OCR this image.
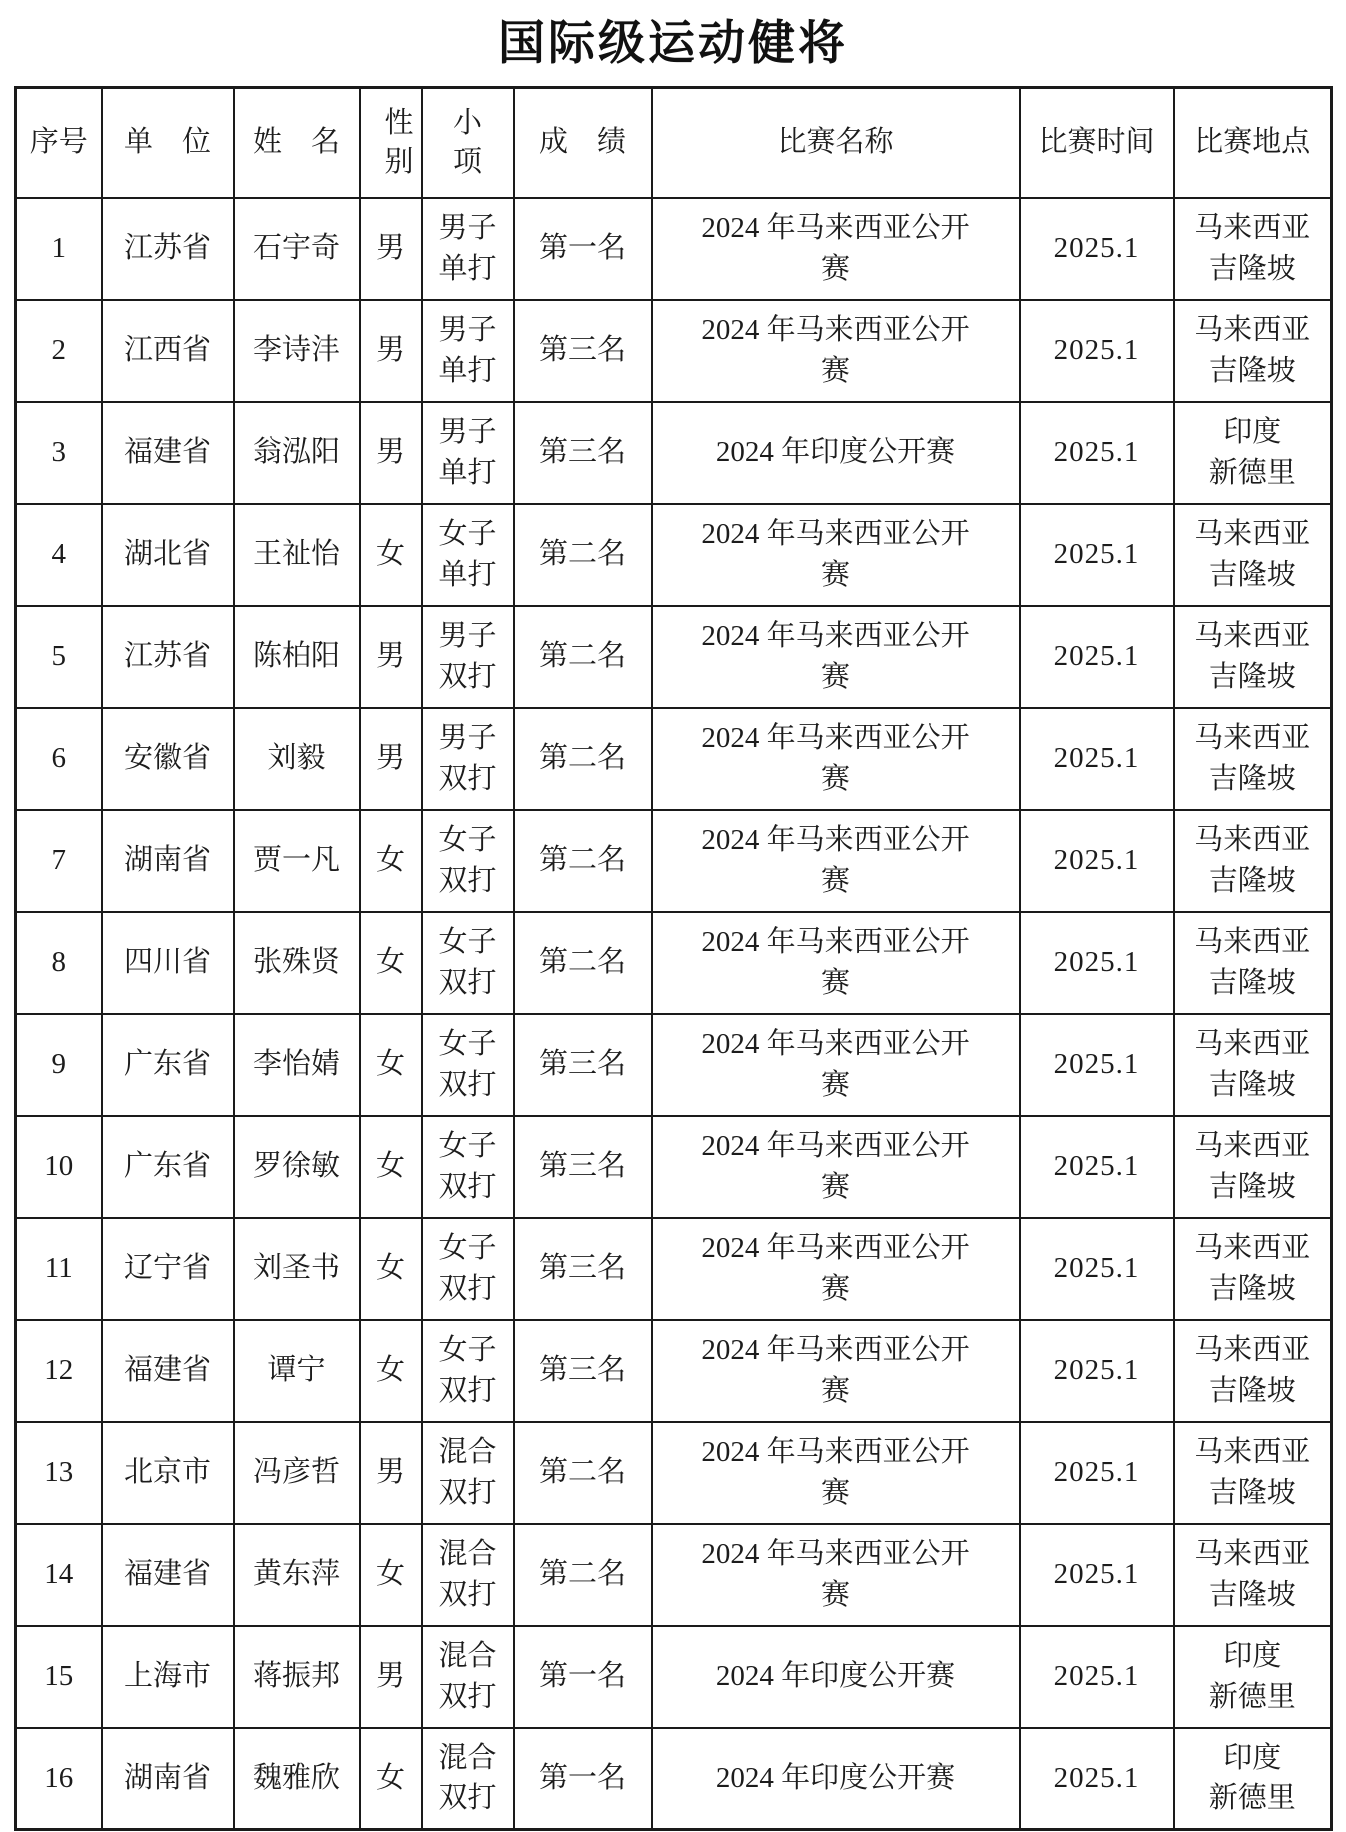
国际级运动健将
序号	单　位	姓　名	性别	小项	成　绩	比赛名称	比赛时间	比赛地点
1	江苏省	石宇奇	男	男子单打	第一名	2024 年马来西亚公开赛	2025.1	马来西亚 吉隆坡
2	江西省	李诗沣	男	男子单打	第三名	2024 年马来西亚公开赛	2025.1	马来西亚 吉隆坡
3	福建省	翁泓阳	男	男子单打	第三名	2024 年印度公开赛	2025.1	印度 新德里
4	湖北省	王祉怡	女	女子单打	第二名	2024 年马来西亚公开赛	2025.1	马来西亚 吉隆坡
5	江苏省	陈柏阳	男	男子双打	第二名	2024 年马来西亚公开赛	2025.1	马来西亚 吉隆坡
6	安徽省	刘毅	男	男子双打	第二名	2024 年马来西亚公开赛	2025.1	马来西亚 吉隆坡
7	湖南省	贾一凡	女	女子双打	第二名	2024 年马来西亚公开赛	2025.1	马来西亚 吉隆坡
8	四川省	张殊贤	女	女子双打	第二名	2024 年马来西亚公开赛	2025.1	马来西亚 吉隆坡
9	广东省	李怡婧	女	女子双打	第三名	2024 年马来西亚公开赛	2025.1	马来西亚 吉隆坡
10	广东省	罗徐敏	女	女子双打	第三名	2024 年马来西亚公开赛	2025.1	马来西亚 吉隆坡
11	辽宁省	刘圣书	女	女子双打	第三名	2024 年马来西亚公开赛	2025.1	马来西亚 吉隆坡
12	福建省	谭宁	女	女子双打	第三名	2024 年马来西亚公开赛	2025.1	马来西亚 吉隆坡
13	北京市	冯彦哲	男	混合双打	第二名	2024 年马来西亚公开赛	2025.1	马来西亚 吉隆坡
14	福建省	黄东萍	女	混合双打	第二名	2024 年马来西亚公开赛	2025.1	马来西亚 吉隆坡
15	上海市	蒋振邦	男	混合双打	第一名	2024 年印度公开赛	2025.1	印度 新德里
16	湖南省	魏雅欣	女	混合双打	第一名	2024 年印度公开赛	2025.1	印度 新德里
